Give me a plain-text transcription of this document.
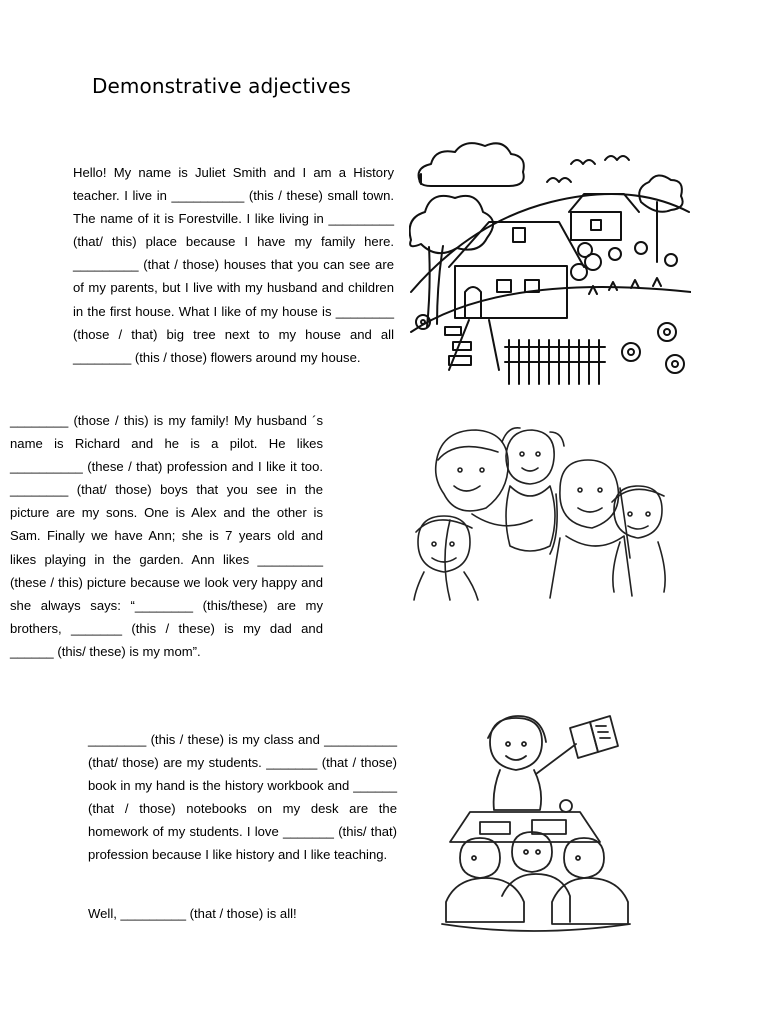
Demonstrative adjectives
Hello! My name is Juliet Smith and I am a History teacher. I live in __________ (this / these) small town. The name of it is Forestville. I like living in _________ (that/ this) place because I have my family here. _________ (that / those) houses that you can see are of my parents, but I live with my husband and children in the first house. What I like of my house is ________ (those / that) big tree next to my house and all ________ (this / those) flowers around my house.
________ (those / this) is my family! My husband ´s name is Richard and he is a pilot. He likes __________ (these / that) profession and I like it too. ________ (that/ those) boys that you see in the picture are my sons. One is Alex and the other is Sam. Finally we have Ann; she is 7 years old and likes playing in the garden. Ann likes _________ (these / this) picture because we look very happy and she always says: “________ (this/these) are my brothers, _______ (this / these) is my dad and ______ (this/ these) is my mom”.
________ (this / these) is my class and __________ (that/ those) are my students. _______ (that / those) book in my hand is the history workbook and ______ (that / those) notebooks on my desk are the homework of my students. I love _______ (this/ that) profession because I like history and I like teaching.
Well, _________ (that / those) is all!
